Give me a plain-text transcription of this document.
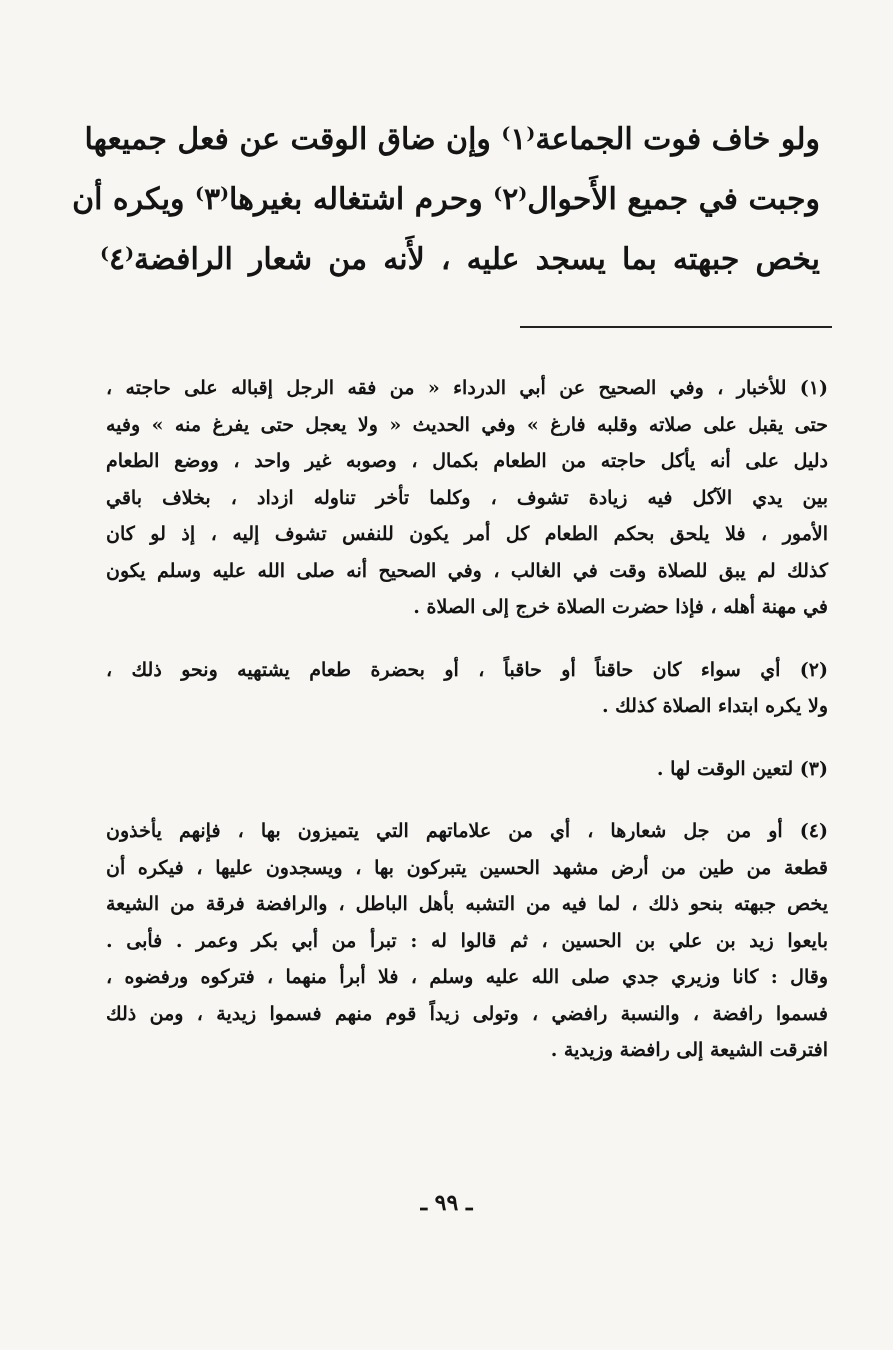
ولو خاف فوت الجماعة⁽١⁾ وإن ضاق الوقت عن فعل جميعها
وجبت في جميع الأَحوال⁽٢⁾ وحرم اشتغاله بغيرها⁽٣⁾ ويكره أن
يخص جبهته بما يسجد عليه ، لأَنه من شعار الرافضة⁽٤⁾
(١) للأخبار ، وفي الصحيح عن أبي الدرداء « من فقه الرجل إقباله على حاجته ،
حتى يقبل على صلاته وقلبه فارغ » وفي الحديث « ولا يعجل حتى يفرغ منه » وفيه
دليل على أنه يأكل حاجته من الطعام بكمال ، وصوبه غير واحد ، ووضع الطعام
بين يدي الآكل فيه زيادة تشوف ، وكلما تأخر تناوله ازداد ، بخلاف باقي
الأمور ، فلا يلحق بحكم الطعام كل أمر يكون للنفس تشوف إليه ، إذ لو كان
كذلك لم يبق للصلاة وقت في الغالب ، وفي الصحيح أنه صلى الله عليه وسلم يكون
في مهنة أهله ، فإذا حضرت الصلاة خرج إلى الصلاة .
(٢) أي سواء كان حاقناً أو حاقباً ، أو بحضرة طعام يشتهيه ونحو ذلك ،
ولا يكره ابتداء الصلاة كذلك .
(٣) لتعين الوقت لها .
(٤) أو من جل شعارها ، أي من علاماتهم التي يتميزون بها ، فإنهم يأخذون
قطعة من طين من أرض مشهد الحسين يتبركون بها ، ويسجدون عليها ، فيكره أن
يخص جبهته بنحو ذلك ، لما فيه من التشبه بأهل الباطل ، والرافضة فرقة من الشيعة
بايعوا زيد بن علي بن الحسين ، ثم قالوا له : تبرأ من أبي بكر وعمر . فأبى .
وقال : كانا وزيري جدي صلى الله عليه وسلم ، فلا أبرأ منهما ، فتركوه ورفضوه ،
فسموا رافضة ، والنسبة رافضي ، وتولى زيداً قوم منهم فسموا زيدية ، ومن ذلك
افترقت الشيعة إلى رافضة وزيدية .
ـ ٩٩ ـ
